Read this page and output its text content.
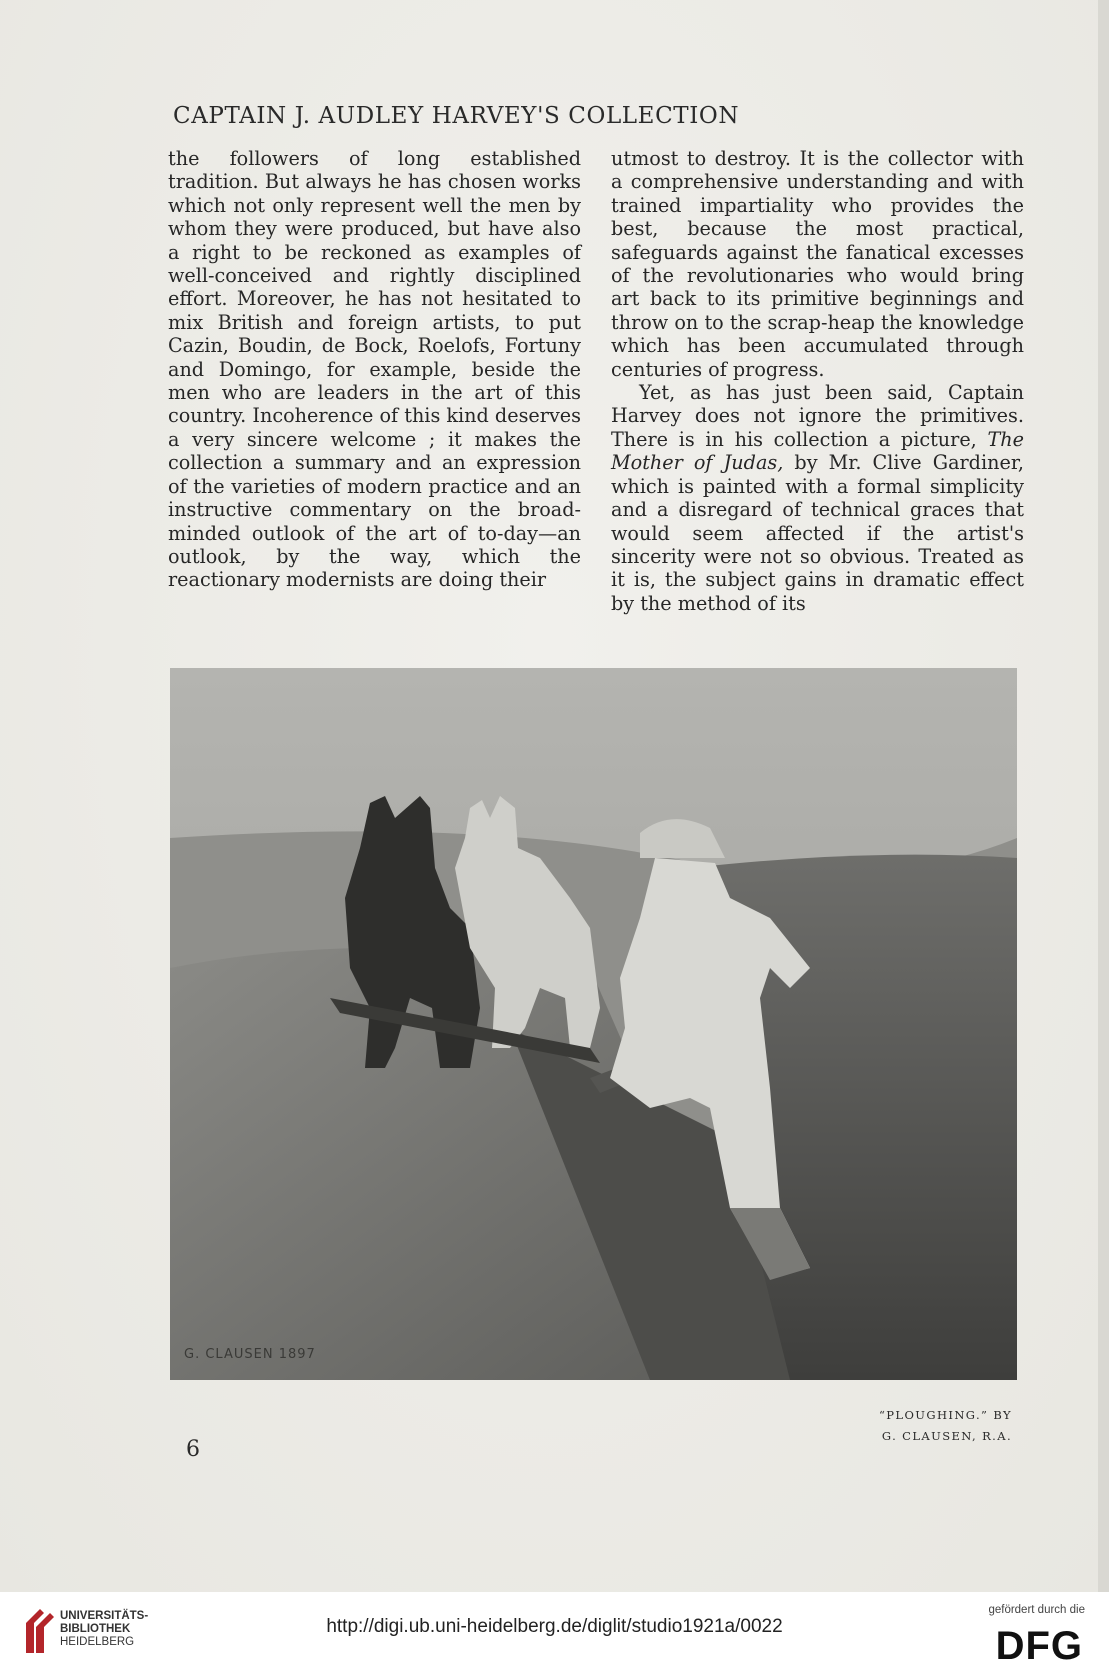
CAPTAIN J. AUDLEY HARVEY'S COLLECTION

the followers of long established tradition. But always he has chosen works which not only represent well the men by whom they were produced, but have also a right to be reckoned as examples of well-conceived and rightly disciplined effort. Moreover, he has not hesitated to mix British and foreign artists, to put Cazin, Boudin, de Bock, Roelofs, Fortuny and Domingo, for example, beside the men who are leaders in the art of this country. Incoherence of this kind deserves a very sincere welcome ; it makes the collection a summary and an expression of the varieties of modern practice and an instructive commentary on the broad-minded outlook of the art of to-day—an outlook, by the way, which the reactionary modernists are doing their

utmost to destroy. It is the collector with a comprehensive understanding and with trained impartiality who provides the best, because the most practical, safeguards against the fanatical excesses of the revolutionaries who would bring art back to its primitive beginnings and throw on to the scrap-heap the knowledge which has been accumulated through centuries of progress.

Yet, as has just been said, Captain Harvey does not ignore the primitives. There is in his collection a picture, The Mother of Judas, by Mr. Clive Gardiner, which is painted with a formal simplicity and a disregard of technical graces that would seem affected if the artist's sincerity were not so obvious. Treated as it is, the subject gains in dramatic effect by the method of its

G. CLAUSEN 1897
“PLOUGHING.” BY
G. CLAUSEN, R.A.
6
UNIVERSITÄTS-
BIBLIOTHEK
HEIDELBERG
http://digi.ub.uni-heidelberg.de/diglit/studio1921a/0022
gefördert durch die
DFG
